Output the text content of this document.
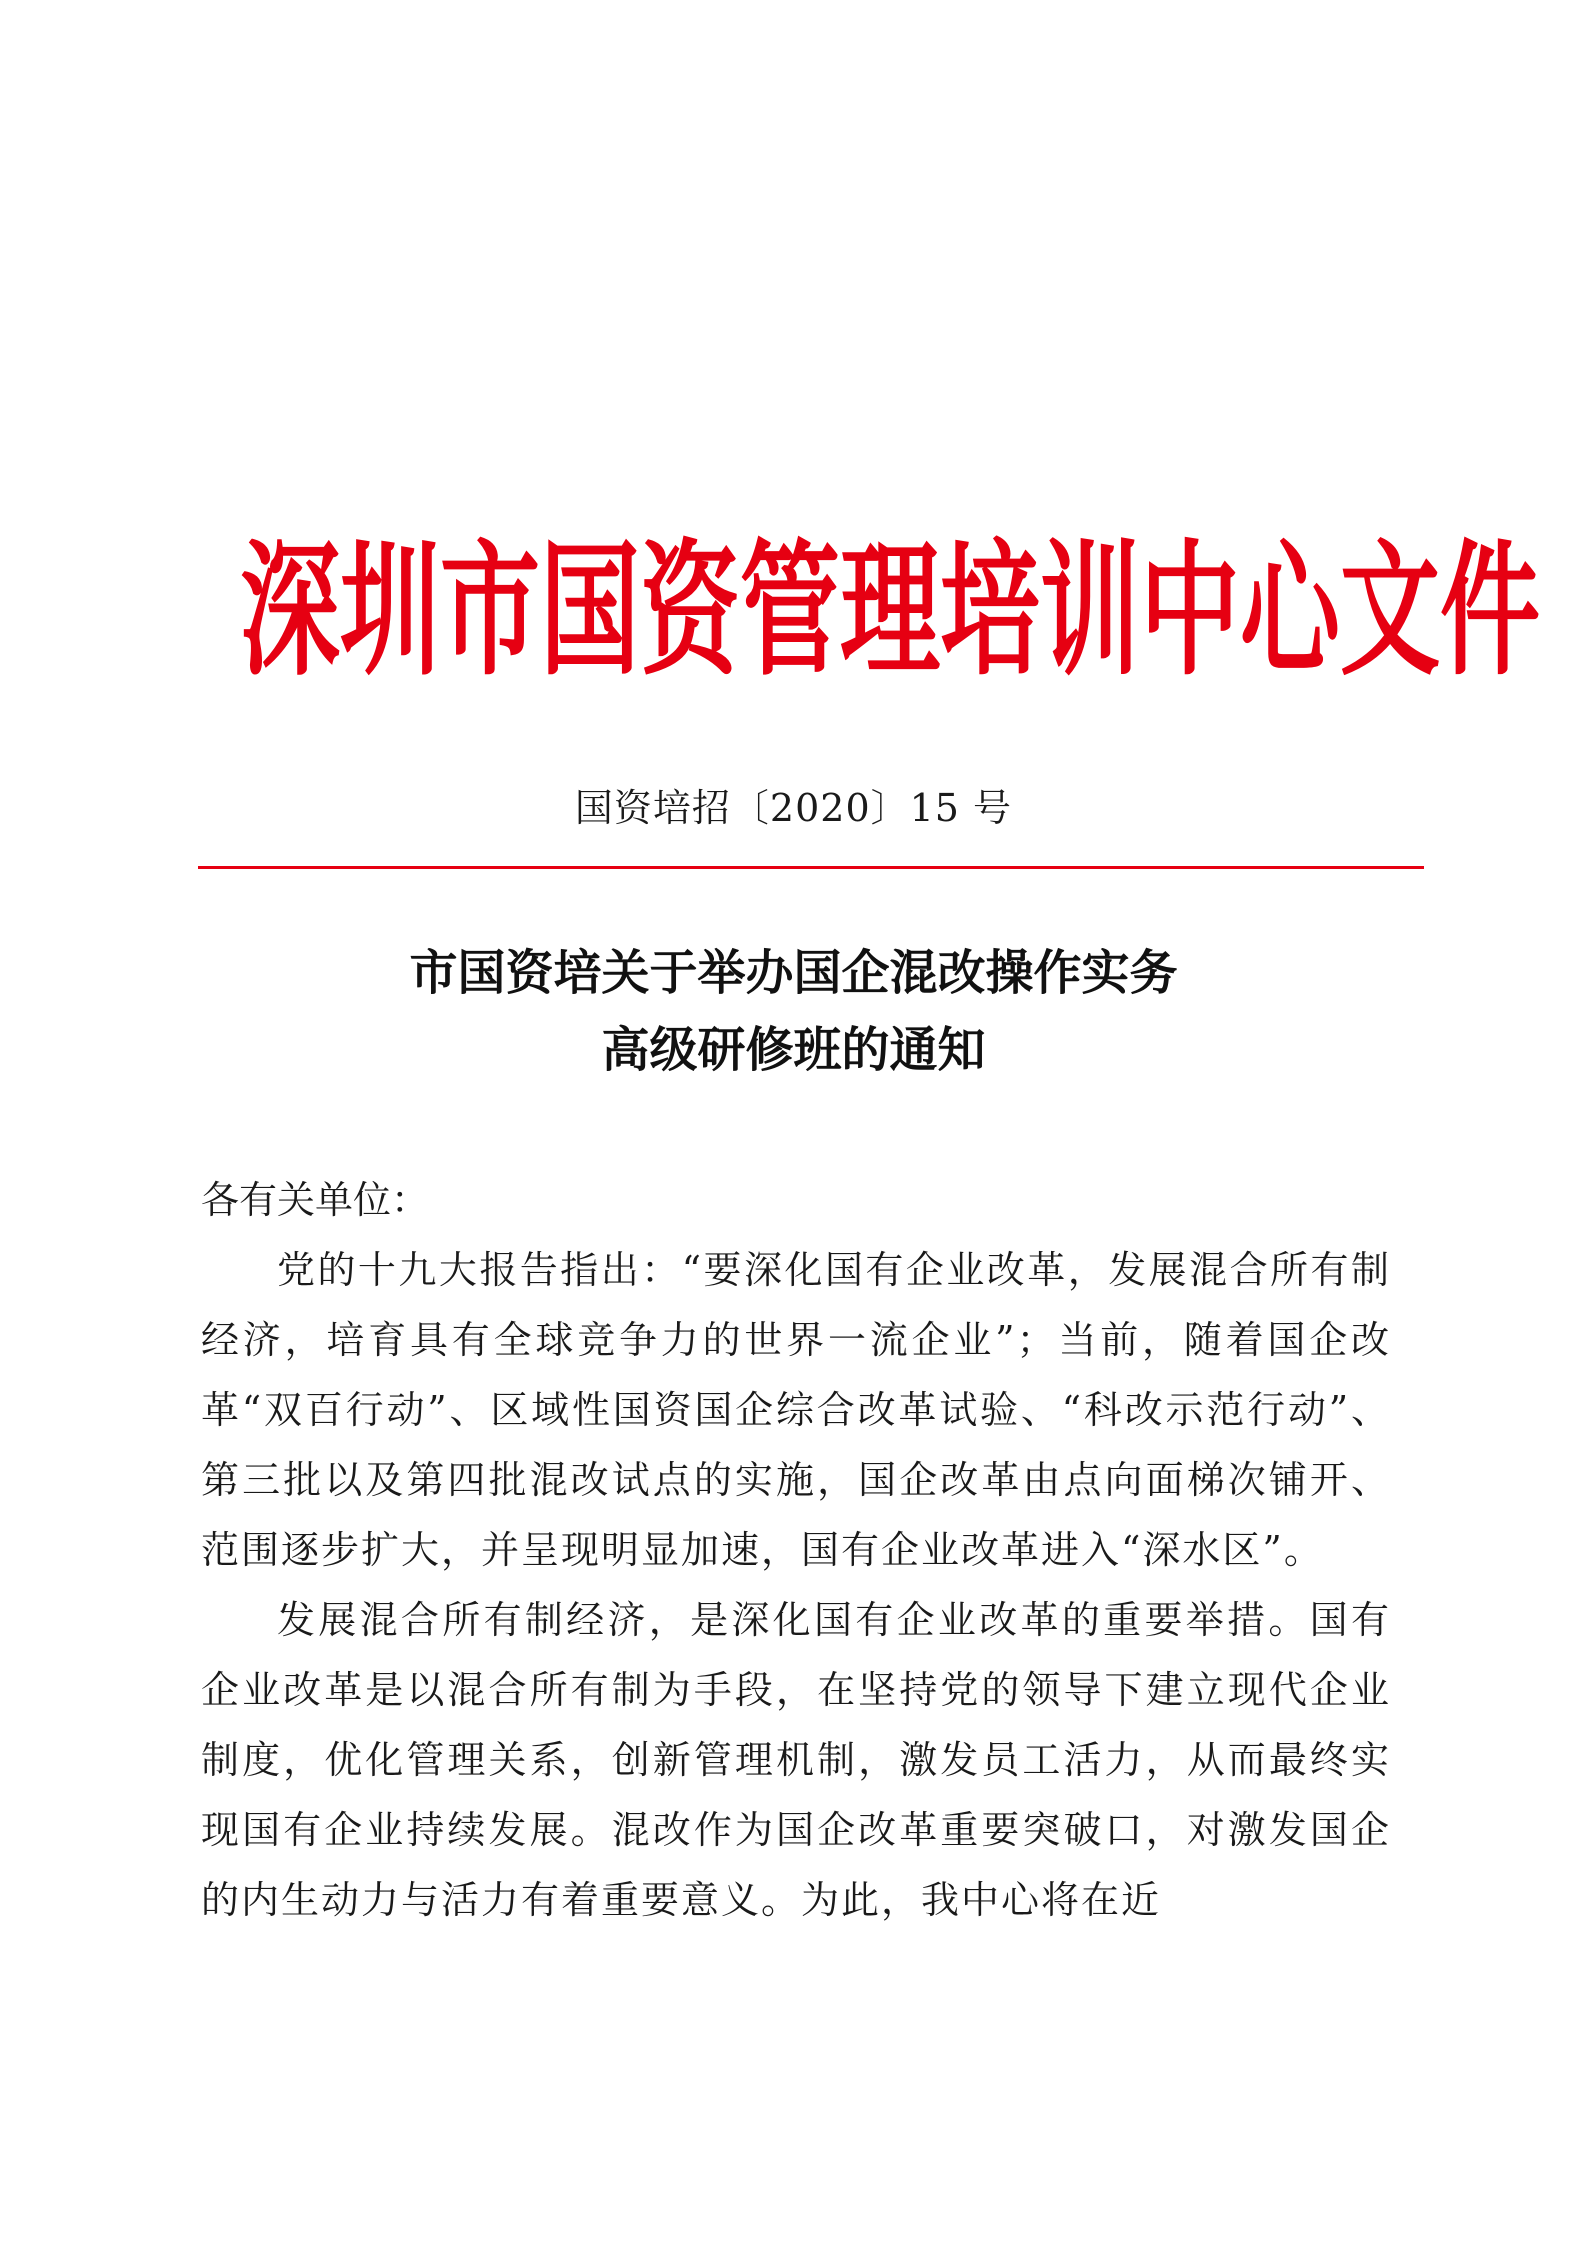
深圳市国资管理培训中心文件
国资培招〔2020〕15 号
市国资培关于举办国企混改操作实务
高级研修班的通知

各有关单位：

党的十九大报告指出：“要深化国有企业改革，发展混合所有制经济，培育具有全球竞争力的世界一流企业”；当前，随着国企改革“双百行动”、区域性国资国企综合改革试验、“科改示范行动”、第三批以及第四批混改试点的实施，国企改革由点向面梯次铺开、范围逐步扩大，并呈现明显加速，国有企业改革进入“深水区”。

发展混合所有制经济，是深化国有企业改革的重要举措。国有企业改革是以混合所有制为手段，在坚持党的领导下建立现代企业制度，优化管理关系，创新管理机制，激发员工活力，从而最终实现国有企业持续发展。混改作为国企改革重要突破口，对激发国企的内生动力与活力有着重要意义。为此，我中心将在近
